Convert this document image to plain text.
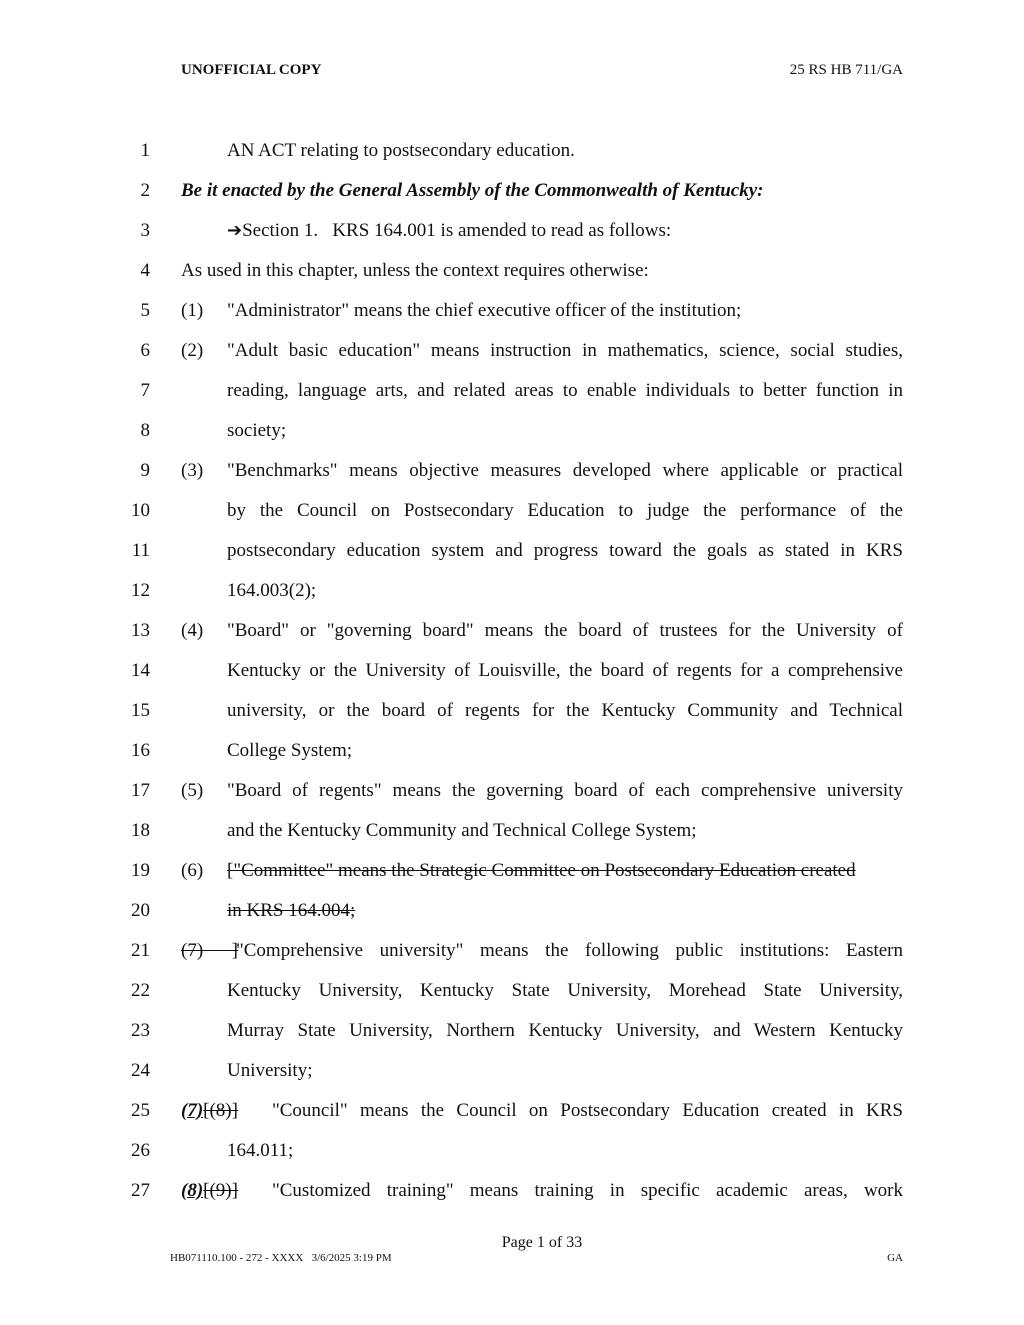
UNOFFICIAL COPY	25 RS HB 711/GA
1	AN ACT relating to postsecondary education.
2 Be it enacted by the General Assembly of the Commonwealth of Kentucky:
3	➔Section 1.   KRS 164.001 is amended to read as follows:
4 As used in this chapter, unless the context requires otherwise:
5 (1) "Administrator" means the chief executive officer of the institution;
6 (2) "Adult basic education" means instruction in mathematics, science, social studies,
7	reading, language arts, and related areas to enable individuals to better function in
8	society;
9 (3) "Benchmarks" means objective measures developed where applicable or practical
10	by the Council on Postsecondary Education to judge the performance of the
11	postsecondary education system and progress toward the goals as stated in KRS
12	164.003(2);
13 (4) "Board" or "governing board" means the board of trustees for the University of
14	Kentucky or the University of Louisville, the board of regents for a comprehensive
15	university, or the board of regents for the Kentucky Community and Technical
16	College System;
17 (5) "Board of regents" means the governing board of each comprehensive university
18	and the Kentucky Community and Technical College System;
19 (6) ["Committee" means the Strategic Committee on Postsecondary Education created
20	in KRS 164.004;
21 (7)      ]
"Comprehensive university" means the following public institutions: Eastern
22	Kentucky University, Kentucky State University, Morehead State University,
23	Murray State University, Northern Kentucky University, and Western Kentucky
24	University;
25 (7)[(8)] "Council" means the Council on Postsecondary Education created in KRS
26	164.011;
27 (8)[(9)] "Customized training" means training in specific academic areas, work
Page 1 of 33
HB071110.100 - 272 - XXXX   3/6/2025 3:19 PM	GA
